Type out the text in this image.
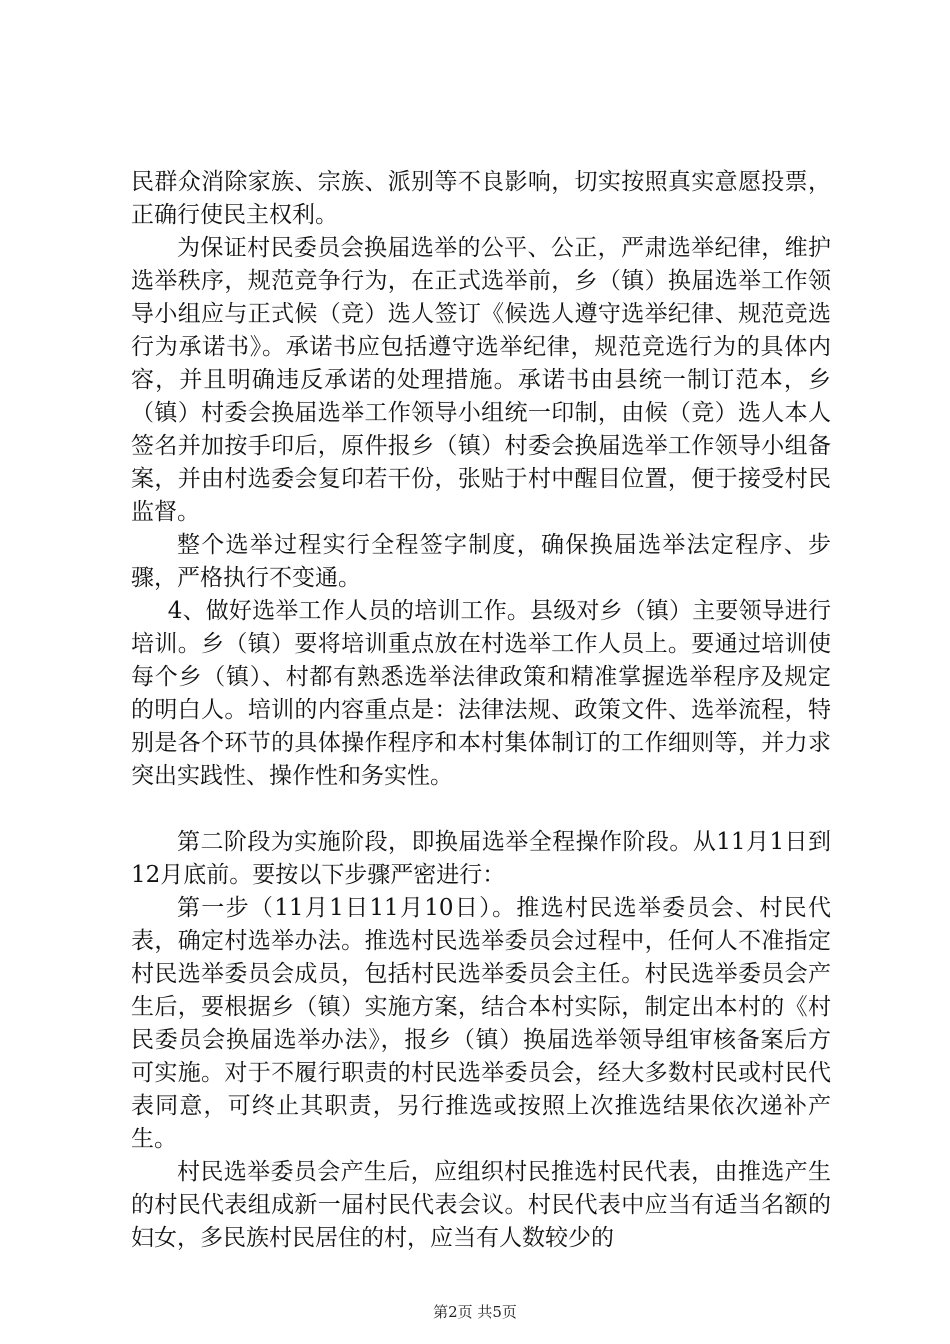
民群众消除家族、宗族、派别等不良影响，切实按照真实意愿投票，正确行使民主权利。

为保证村民委员会换届选举的公平、公正，严肃选举纪律，维护选举秩序，规范竞争行为，在正式选举前，乡（镇）换届选举工作领导小组应与正式候（竞）选人签订《候选人遵守选举纪律、规范竞选行为承诺书》。承诺书应包括遵守选举纪律，规范竞选行为的具体内容，并且明确违反承诺的处理措施。承诺书由县统一制订范本，乡（镇）村委会换届选举工作领导小组统一印制，由候（竞）选人本人签名并加按手印后，原件报乡（镇）村委会换届选举工作领导小组备案，并由村选委会复印若干份，张贴于村中醒目位置，便于接受村民监督。

整个选举过程实行全程签字制度，确保换届选举法定程序、步骤，严格执行不变通。

4、做好选举工作人员的培训工作。县级对乡（镇）主要领导进行培训。乡（镇）要将培训重点放在村选举工作人员上。要通过培训使每个乡（镇）、村都有熟悉选举法律政策和精准掌握选举程序及规定的明白人。培训的内容重点是：法律法规、政策文件、选举流程，特别是各个环节的具体操作程序和本村集体制订的工作细则等，并力求突出实践性、操作性和务实性。

第二阶段为实施阶段，即换届选举全程操作阶段。从11月1日到12月底前。要按以下步骤严密进行：

第一步（11月1日11月10日）。推选村民选举委员会、村民代表，确定村选举办法。推选村民选举委员会过程中，任何人不准指定村民选举委员会成员，包括村民选举委员会主任。村民选举委员会产生后，要根据乡（镇）实施方案，结合本村实际，制定出本村的《村民委员会换届选举办法》，报乡（镇）换届选举领导组审核备案后方可实施。对于不履行职责的村民选举委员会，经大多数村民或村民代表同意，可终止其职责，另行推选或按照上次推选结果依次递补产生。

村民选举委员会产生后，应组织村民推选村民代表，由推选产生的村民代表组成新一届村民代表会议。村民代表中应当有适当名额的妇女，多民族村民居住的村，应当有人数较少的

第2页 共5页
